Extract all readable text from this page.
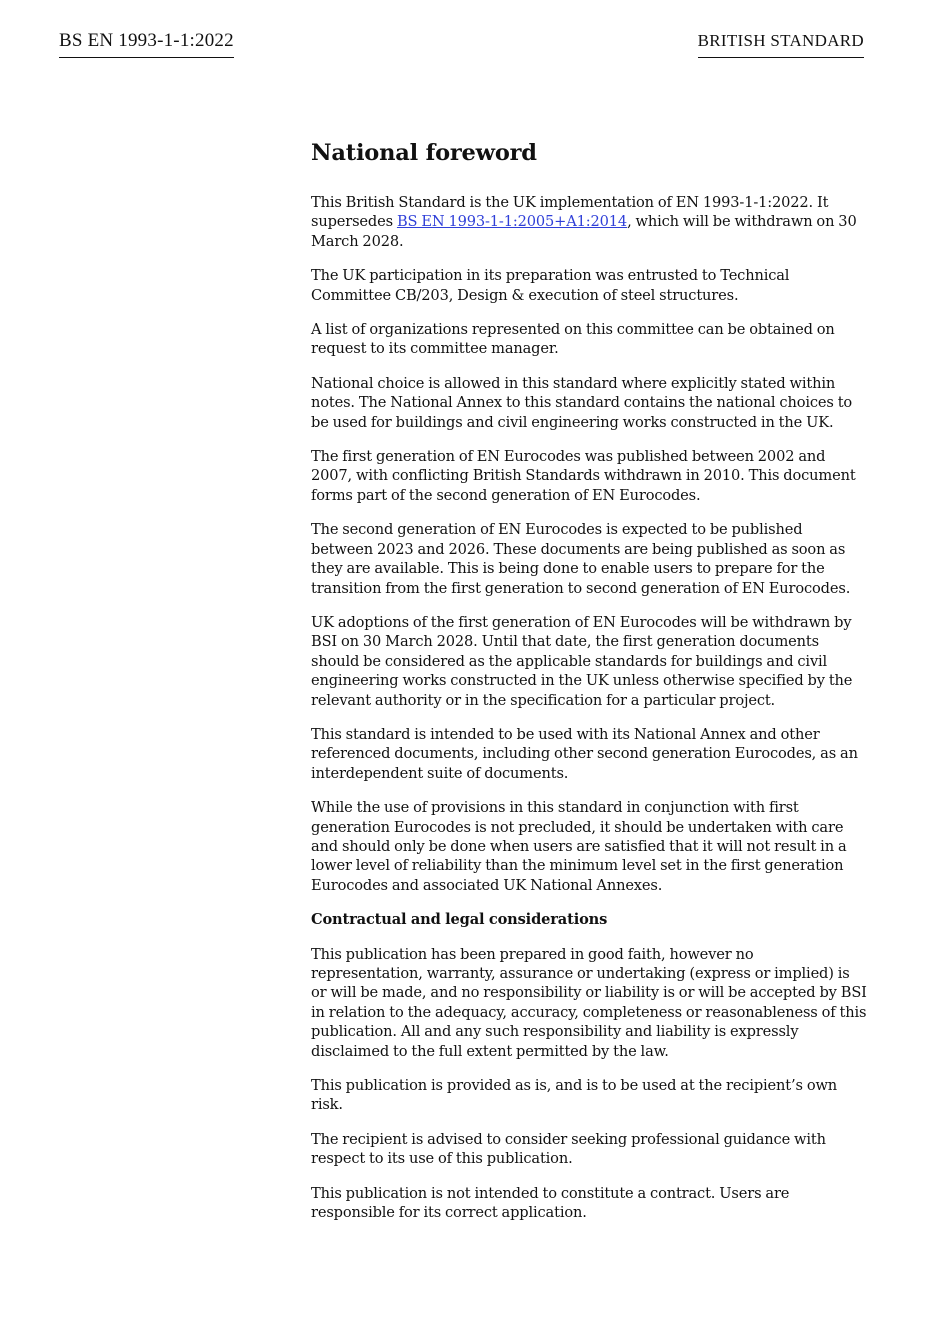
BS EN 1993-1-1:2022	BRITISH STANDARD
National foreword

This British Standard is the UK implementation of EN 1993-1-1:2022. It supersedes BS EN 1993-1-1:2005+A1:2014, which will be withdrawn on 30 March 2028.

The UK participation in its preparation was entrusted to Technical Committee CB/203, Design & execution of steel structures.

A list of organizations represented on this committee can be obtained on request to its committee manager.

National choice is allowed in this standard where explicitly stated within notes. The National Annex to this standard contains the national choices to be used for buildings and civil engineering works constructed in the UK.

The first generation of EN Eurocodes was published between 2002 and 2007, with conflicting British Standards withdrawn in 2010. This document forms part of the second generation of EN Eurocodes.

The second generation of EN Eurocodes is expected to be published between 2023 and 2026. These documents are being published as soon as they are available. This is being done to enable users to prepare for the transition from the first generation to second generation of EN Eurocodes.

UK adoptions of the first generation of EN Eurocodes will be withdrawn by BSI on 30 March 2028. Until that date, the first generation documents should be considered as the applicable standards for buildings and civil engineering works constructed in the UK unless otherwise specified by the relevant authority or in the specification for a particular project.

This standard is intended to be used with its National Annex and other referenced documents, including other second generation Eurocodes, as an interdependent suite of documents.

While the use of provisions in this standard in conjunction with first generation Eurocodes is not precluded, it should be undertaken with care and should only be done when users are satisfied that it will not result in a lower level of reliability than the minimum level set in the first generation Eurocodes and associated UK National Annexes.

Contractual and legal considerations

This publication has been prepared in good faith, however no representation, warranty, assurance or undertaking (express or implied) is or will be made, and no responsibility or liability is or will be accepted by BSI in relation to the adequacy, accuracy, completeness or reasonableness of this publication. All and any such responsibility and liability is expressly disclaimed to the full extent permitted by the law.

This publication is provided as is, and is to be used at the recipient’s own risk.

The recipient is advised to consider seeking professional guidance with respect to its use of this publication.

This publication is not intended to constitute a contract. Users are responsible for its correct application.
